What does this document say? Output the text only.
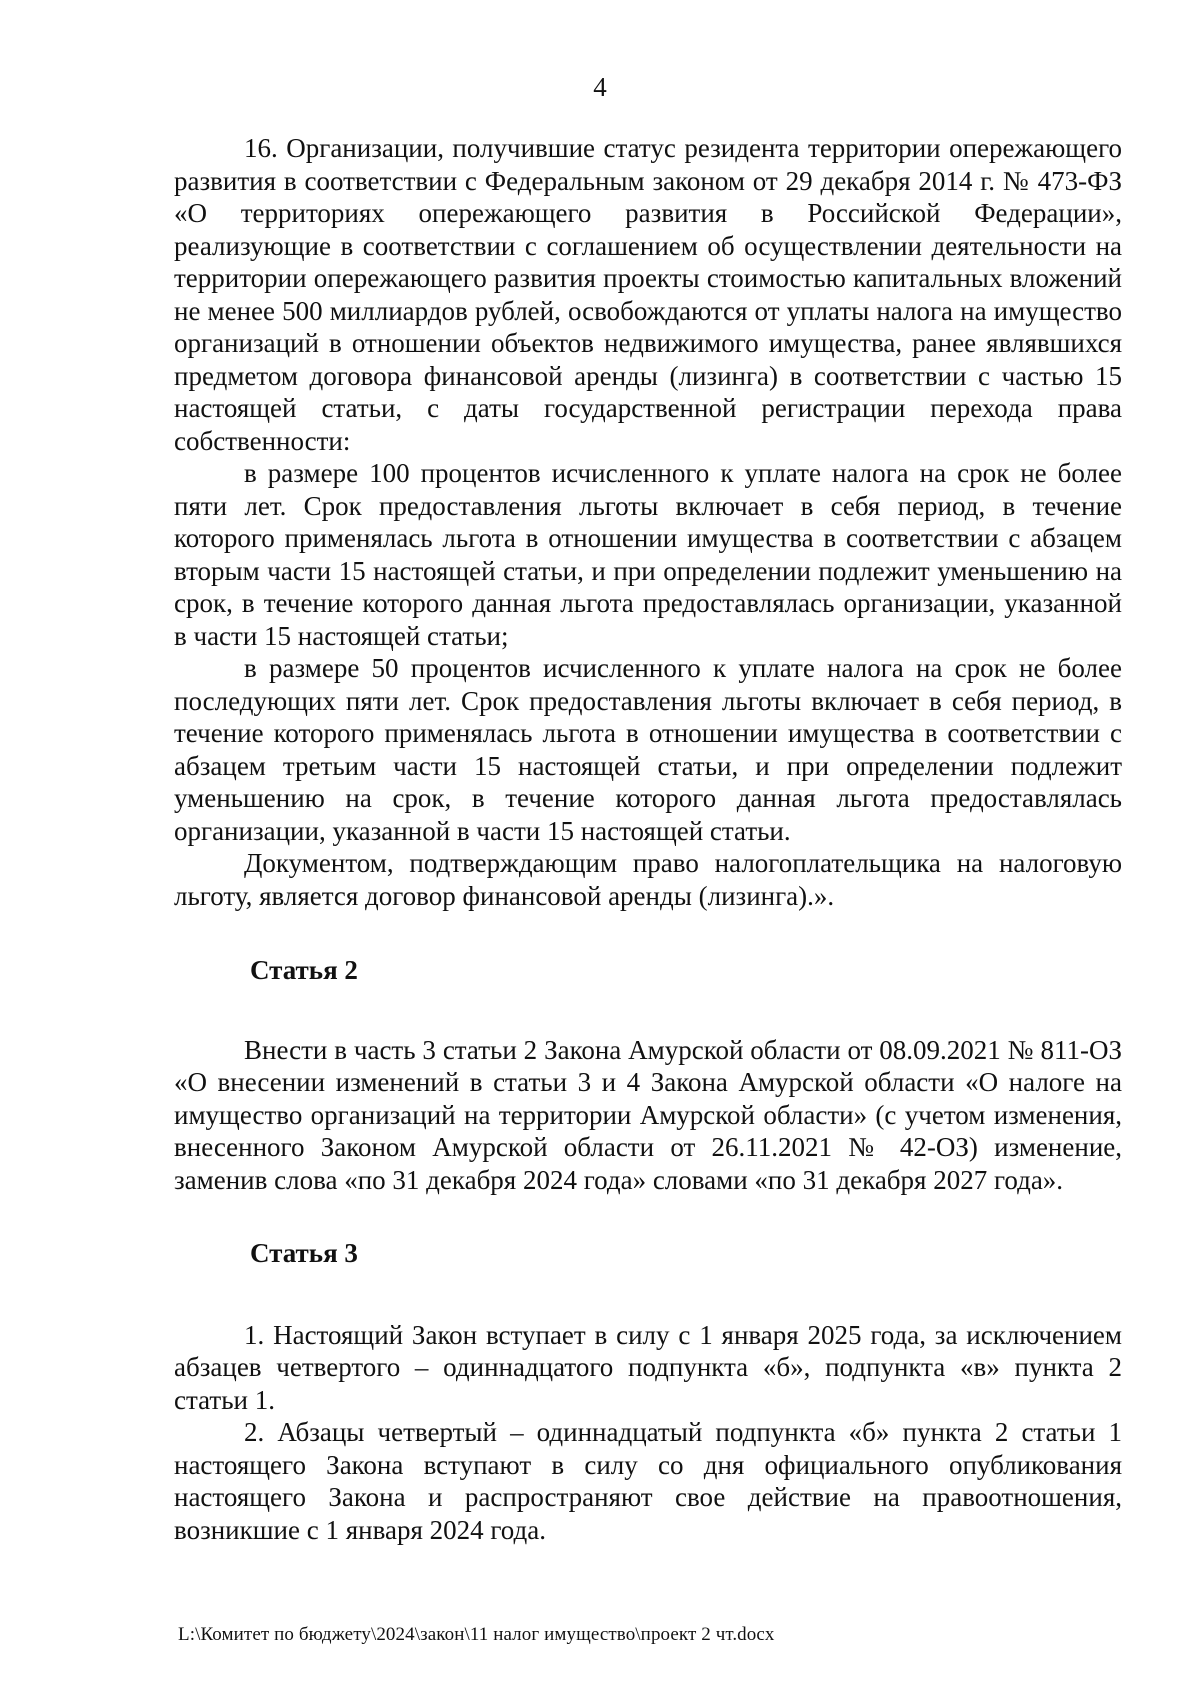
4

16. Организации, получившие статус резидента территории опережающего развития в соответствии с Федеральным законом от 29 декабря 2014 г. № 473-ФЗ «О территориях опережающего развития в Российской Федерации», реализующие в соответствии с соглашением об осуществлении деятельности на территории опережающего развития проекты стоимостью капитальных вложений не менее 500 миллиардов рублей, освобождаются от уплаты налога на имущество организаций в отношении объектов недвижимого имущества, ранее являвшихся предметом договора финансовой аренды (лизинга) в соответствии с частью 15 настоящей статьи, с даты государственной регистрации перехода права собственности:

в размере 100 процентов исчисленного к уплате налога на срок не более пяти лет. Срок предоставления льготы включает в себя период, в течение которого применялась льгота в отношении имущества в соответствии с абзацем вторым части 15 настоящей статьи, и при определении подлежит уменьшению на срок, в течение которого данная льгота предоставлялась организации, указанной в части 15 настоящей статьи;

в размере 50 процентов исчисленного к уплате налога на срок не более последующих пяти лет. Срок предоставления льготы включает в себя период, в течение которого применялась льгота в отношении имущества в соответствии с абзацем третьим части 15 настоящей статьи, и при определении подлежит уменьшению на срок, в течение которого данная льгота предоставлялась организации, указанной в части 15 настоящей статьи.

Документом, подтверждающим право налогоплательщика на налоговую льготу, является договор финансовой аренды (лизинга).».

Статья 2

Внести в часть 3 статьи 2 Закона Амурской области от 08.09.2021 № 811-ОЗ «О внесении изменений в статьи 3 и 4 Закона Амурской области «О налоге на имущество организаций на территории Амурской области» (с учетом изменения, внесенного Законом Амурской области от 26.11.2021 № 42-ОЗ) изменение, заменив слова «по 31 декабря 2024 года» словами «по 31 декабря 2027 года».

Статья 3

1. Настоящий Закон вступает в силу с 1 января 2025 года, за исключением абзацев четвертого – одиннадцатого подпункта «б», подпункта «в» пункта 2 статьи 1.

2. Абзацы четвертый – одиннадцатый подпункта «б» пункта 2 статьи 1 настоящего Закона вступают в силу со дня официального опубликования настоящего Закона и распространяют свое действие на правоотношения, возникшие с 1 января 2024 года.

L:\Комитет по бюджету\2024\закон\11 налог имущество\проект 2 чт.docx
